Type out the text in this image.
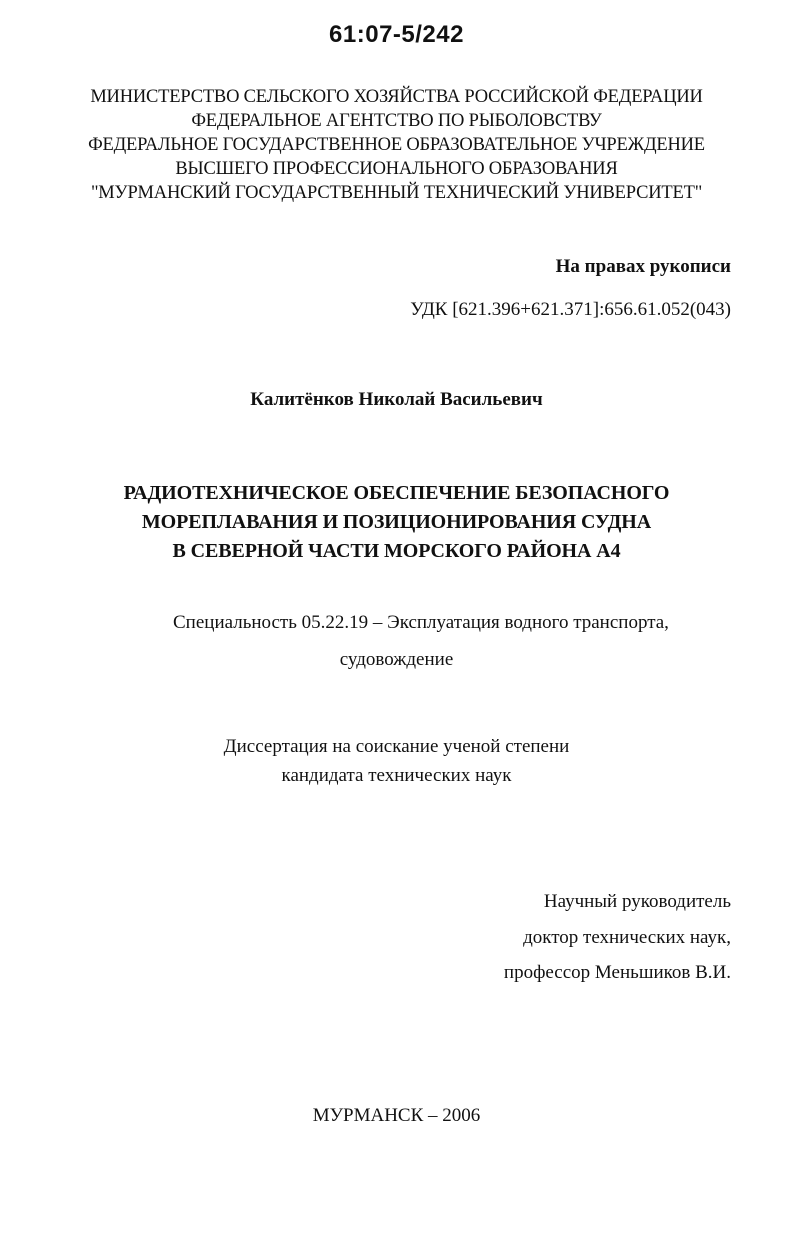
61:07-5/242
МИНИСТЕРСТВО СЕЛЬСКОГО ХОЗЯЙСТВА РОССИЙСКОЙ ФЕДЕРАЦИИ
ФЕДЕРАЛЬНОЕ АГЕНТСТВО ПО РЫБОЛОВСТВУ
ФЕДЕРАЛЬНОЕ ГОСУДАРСТВЕННОЕ ОБРАЗОВАТЕЛЬНОЕ УЧРЕЖДЕНИЕ
ВЫСШЕГО ПРОФЕССИОНАЛЬНОГО ОБРАЗОВАНИЯ
"МУРМАНСКИЙ ГОСУДАРСТВЕННЫЙ ТЕХНИЧЕСКИЙ УНИВЕРСИТЕТ"
На правах рукописи
УДК [621.396+621.371]:656.61.052(043)
Калитёнков Николай Васильевич
РАДИОТЕХНИЧЕСКОЕ ОБЕСПЕЧЕНИЕ БЕЗОПАСНОГО
МОРЕПЛАВАНИЯ И ПОЗИЦИОНИРОВАНИЯ СУДНА
В СЕВЕРНОЙ ЧАСТИ МОРСКОГО РАЙОНА А4
Специальность 05.22.19 – Эксплуатация водного транспорта,
судовождение
Диссертация на соискание ученой степени
кандидата технических наук
Научный руководитель
доктор технических наук,
профессор Меньшиков В.И.
МУРМАНСК – 2006
